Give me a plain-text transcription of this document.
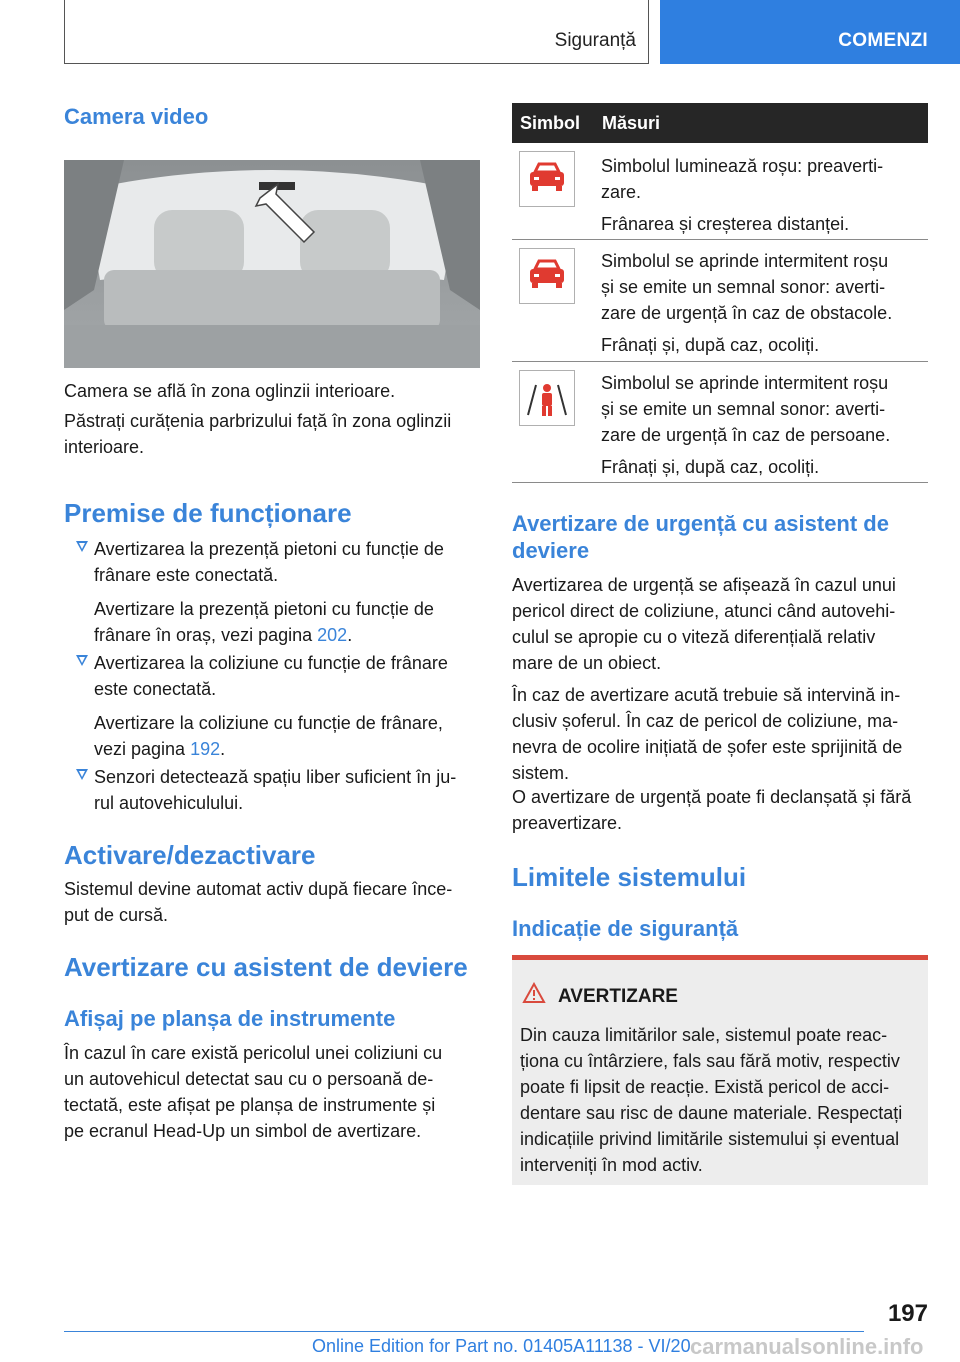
Siguranță	COMENZI
Camera video

Camera se află în zona oglinzii interioare.

Păstrați curățenia parbrizului față în zona oglinzii

interioare.

Premise de funcționare

Avertizarea la prezență pietoni cu funcție de

frânare este conectată.

Avertizare la prezență pietoni cu funcție de

frânare în oraș, vezi pagina 202.

Avertizarea la coliziune cu funcție de frânare

este conectată.

Avertizare la coliziune cu funcție de frânare,

vezi pagina 192.

Senzori detectează spațiu liber suficient în ju-

rul autovehiculului.

Activare/dezactivare

Sistemul devine automat activ după fiecare înce-

put de cursă.

Avertizare cu asistent de deviere
Afișaj pe planșa de instrumente

În cazul în care există pericolul unei coliziuni cu

un autovehicul detectat sau cu o persoană de-

tectată, este afișat pe planșa de instrumente și

pe ecranul Head-Up un simbol de avertizare.

Simbol Măsuri

Simbolul luminează roșu: preaverti-

zare.

Frânarea și creșterea distanței.

Simbolul se aprinde intermitent roșu

și se emite un semnal sonor: averti-

zare de urgență în caz de obstacole.

Frânați și, după caz, ocoliți.

Simbolul se aprinde intermitent roșu

și se emite un semnal sonor: averti-

zare de urgență în caz de persoane.

Frânați și, după caz, ocoliți.

Avertizare de urgență cu asistent de
deviere

Avertizarea de urgență se afișează în cazul unui

pericol direct de coliziune, atunci când autovehi-

culul se apropie cu o viteză diferențială relativ

mare de un obiect.

În caz de avertizare acută trebuie să intervină in-

clusiv șoferul. În caz de pericol de coliziune, ma-

nevra de ocolire inițiată de șofer este sprijinită de

sistem.

O avertizare de urgență poate fi declanșată și fără

preavertizare.

Limitele sistemului
Indicație de siguranță
AVERTIZARE

Din cauza limitărilor sale, sistemul poate reac-

ționa cu întârziere, fals sau fără motiv, respectiv

poate fi lipsit de reacție. Există pericol de acci-

dentare sau risc de daune materiale. Respectați

indicațiile privind limitările sistemului și eventual

interveniți în mod activ.

197
Online Edition for Part no. 01405A11138 - VI/20 carmanualsonline.info
